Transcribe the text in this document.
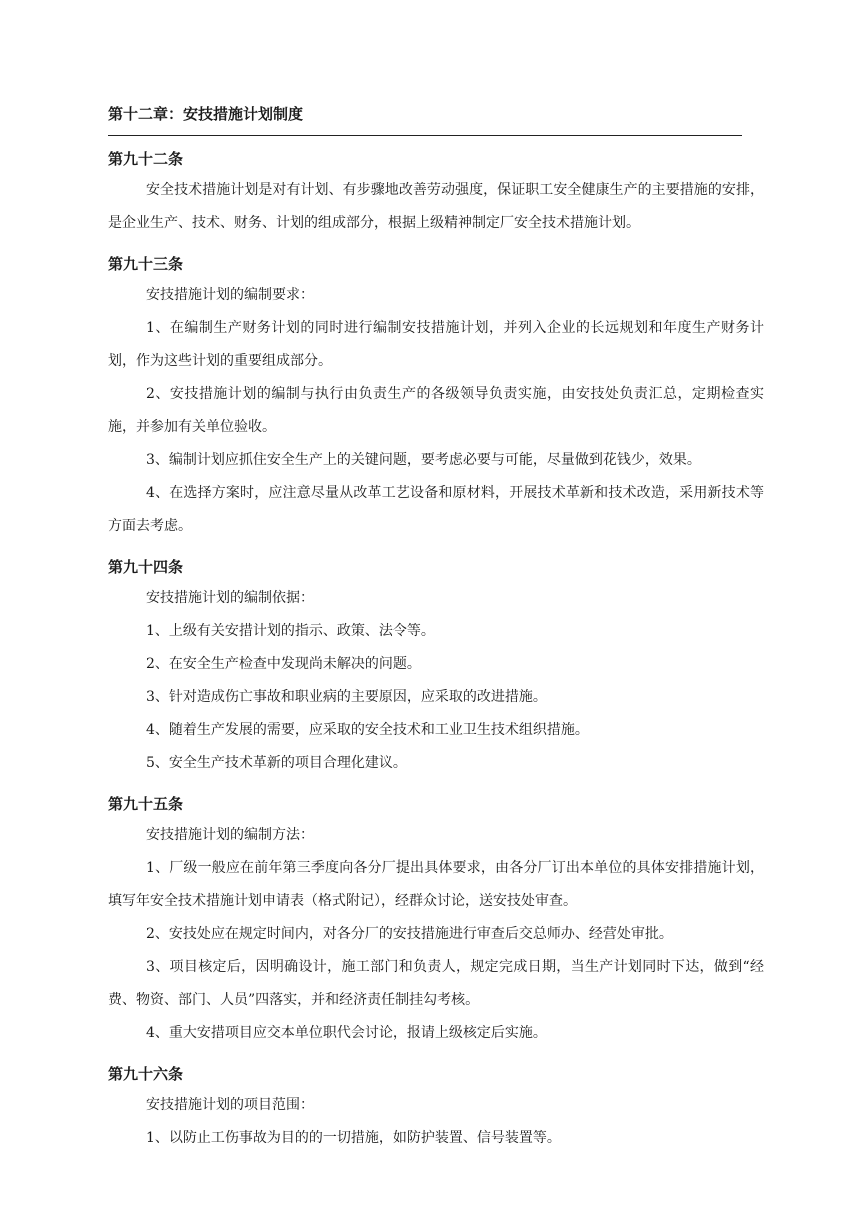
第十二章：安技措施计划制度

第九十二条

安全技术措施计划是对有计划、有步骤地改善劳动强度，保证职工安全健康生产的主要措施的安排，是企业生产、技术、财务、计划的组成部分，根据上级精神制定厂安全技术措施计划。

第九十三条

安技措施计划的编制要求：

1、在编制生产财务计划的同时进行编制安技措施计划，并列入企业的长远规划和年度生产财务计划，作为这些计划的重要组成部分。

2、安技措施计划的编制与执行由负责生产的各级领导负责实施，由安技处负责汇总，定期检查实施，并参加有关单位验收。

3、编制计划应抓住安全生产上的关键问题，要考虑必要与可能，尽量做到花钱少，效果。

4、在选择方案时，应注意尽量从改革工艺设备和原材料，开展技术革新和技术改造，采用新技术等方面去考虑。

第九十四条

安技措施计划的编制依据：

1、上级有关安措计划的指示、政策、法令等。

2、在安全生产检查中发现尚未解决的问题。

3、针对造成伤亡事故和职业病的主要原因，应采取的改进措施。

4、随着生产发展的需要，应采取的安全技术和工业卫生技术组织措施。

5、安全生产技术革新的项目合理化建议。

第九十五条

安技措施计划的编制方法：

1、厂级一般应在前年第三季度向各分厂提出具体要求，由各分厂订出本单位的具体安排措施计划，填写年安全技术措施计划申请表（格式附记），经群众讨论，送安技处审查。

2、安技处应在规定时间内，对各分厂的安技措施进行审查后交总师办、经营处审批。

3、项目核定后，因明确设计，施工部门和负责人，规定完成日期，当生产计划同时下达，做到“经费、物资、部门、人员”四落实，并和经济责任制挂勾考核。

4、重大安措项目应交本单位职代会讨论，报请上级核定后实施。

第九十六条

安技措施计划的项目范围：

1、以防止工伤事故为目的的一切措施，如防护装置、信号装置等。
